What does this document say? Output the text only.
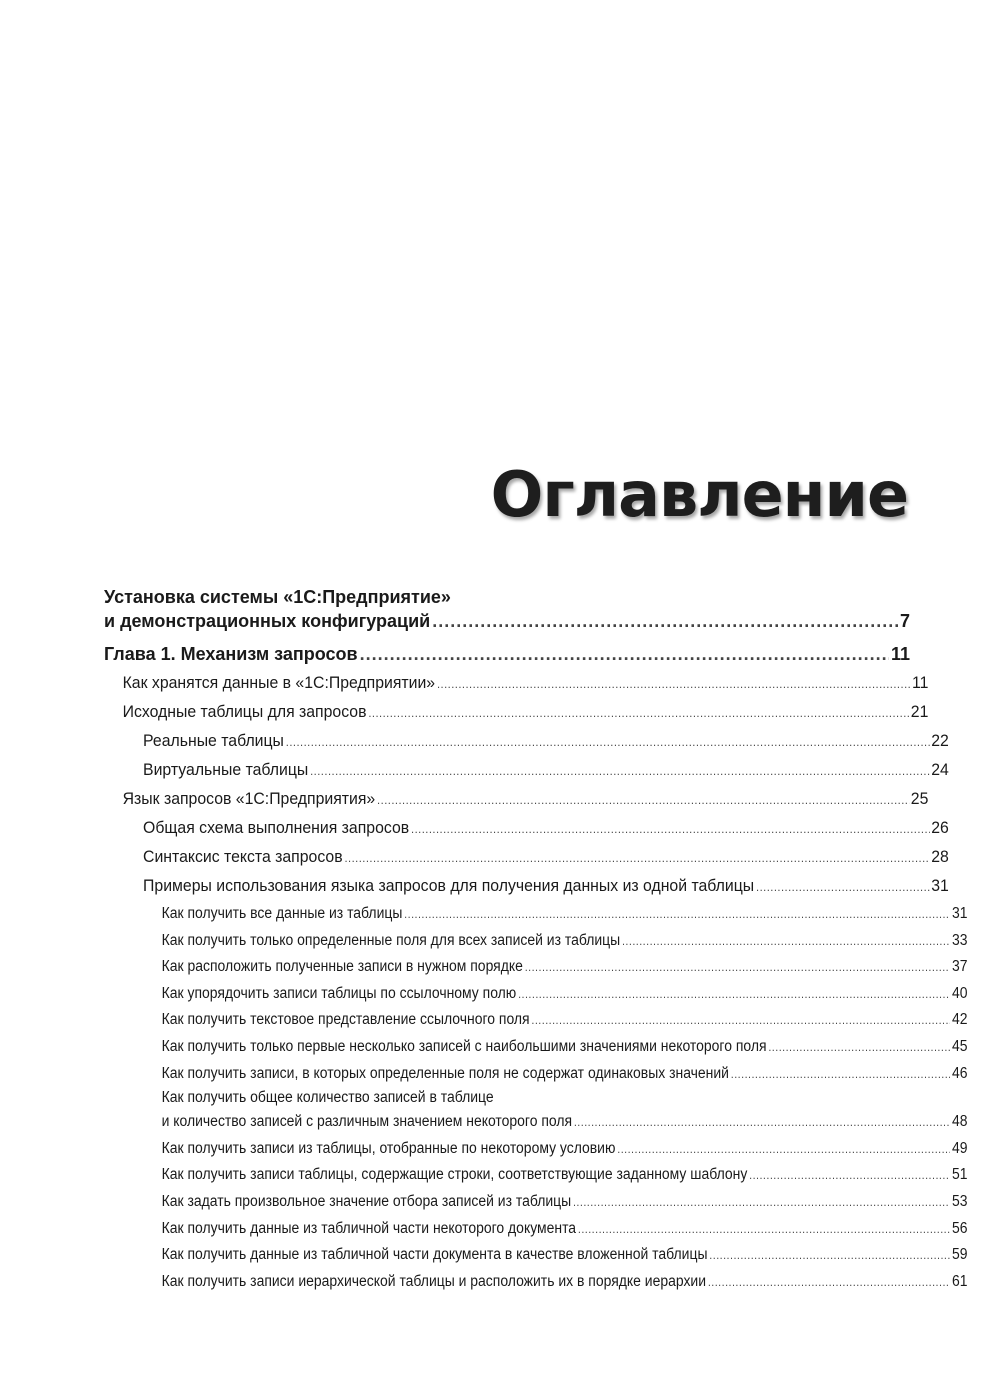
Оглавление
Установка системы «1С:Предприятие»
и демонстрационных конфигураций .....	7
Глава 1. Механизм запросов .....	11
Как хранятся данные в «1С:Предприятии» .....	11
Исходные таблицы для запросов .....	21
Реальные таблицы .....	22
Виртуальные таблицы .....	24
Язык запросов «1С:Предприятия» .....	25
Общая схема выполнения запросов .....	26
Синтаксис текста запросов .....	28
Примеры использования языка запросов для получения данных из одной таблицы .....	31
Как получить все данные из таблицы .....	31
Как получить только определенные поля для всех записей из таблицы .....	33
Как расположить полученные записи в нужном порядке .....	37
Как упорядочить записи таблицы по ссылочному полю .....	40
Как получить текстовое представление ссылочного поля .....	42
Как получить только первые несколько записей с наибольшими значениями некоторого поля .....	45
Как получить записи, в которых определенные поля не содержат одинаковых значений .....	46
Как получить общее количество записей в таблице
и количество записей с различным значением некоторого поля .....	48
Как получить записи из таблицы, отобранные по некоторому условию .....	49
Как получить записи таблицы, содержащие строки, соответствующие заданному шаблону .....	51
Как задать произвольное значение отбора записей из таблицы .....	53
Как получить данные из табличной части некоторого документа .....	56
Как получить данные из табличной части документа в качестве вложенной таблицы .....	59
Как получить записи иерархической таблицы и расположить их в порядке иерархии .....	61
